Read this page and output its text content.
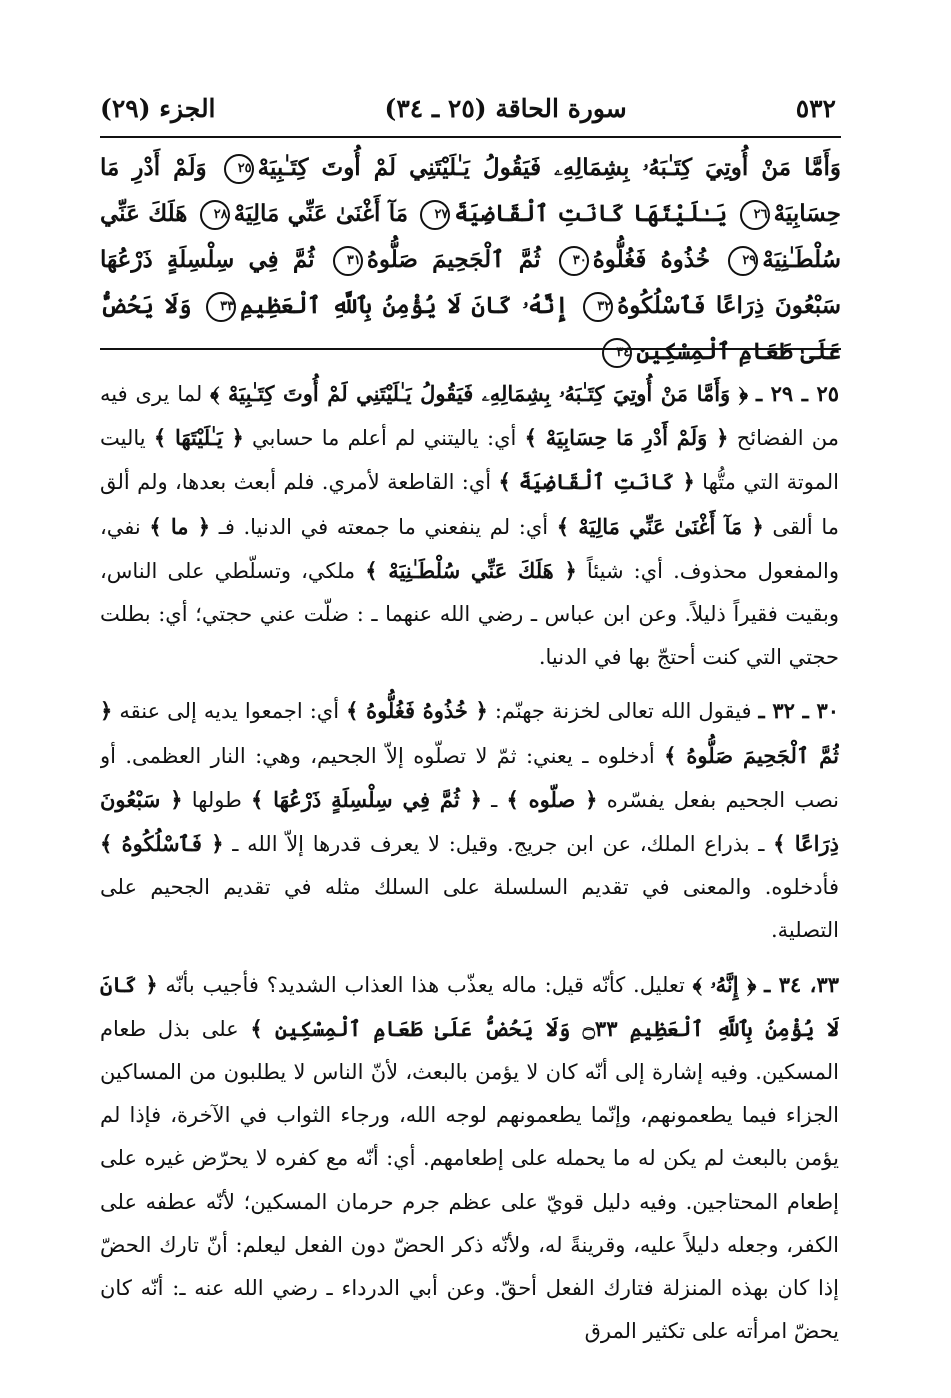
٥٣٢
سورة الحاقة (٢٥ ـ ٣٤)
الجزء (٢٩)
وَأَمَّا مَنْ أُوتِيَ كِتَـٰبَهُۥ بِشِمَالِهِۦ فَيَقُولُ يَـٰلَيْتَنِي لَمْ أُوتَ كِتَـٰبِيَهْ٢٥ وَلَمْ أَدْرِ مَا حِسَابِيَهْ٢٦ يَـٰلَيْتَهَا كَانَتِ ٱلْقَاضِيَةَ٢٧ مَآ أَغْنَىٰ عَنِّي مَالِيَهْ٢٨ هَلَكَ عَنِّي سُلْطَـٰنِيَهْ٢٩ خُذُوهُ فَغُلُّوهُ٣٠ ثُمَّ ٱلْجَحِيمَ صَلُّوهُ٣١ ثُمَّ فِي سِلْسِلَةٍ ذَرْعُهَا سَبْعُونَ ذِرَاعًا فَٱسْلُكُوهُ٣٢ إِنَّهُۥ كَانَ لَا يُؤْمِنُ بِٱللَّهِ ٱلْعَظِيمِ٣٣ وَلَا يَحُضُّ عَلَىٰ طَعَامِ ٱلْمِسْكِينِ٣٤

٢٥ ـ ٢٩ ـ ﴿ وَأَمَّا مَنْ أُوتِيَ كِتَـٰبَهُۥ بِشِمَالِهِۦ فَيَقُولُ يَـٰلَيْتَنِي لَمْ أُوتَ كِتَـٰبِيَهْ ﴾ لما يرى فيه من الفضائح ﴿ وَلَمْ أَدْرِ مَا حِسَابِيَهْ ﴾ أي: ياليتني لم أعلم ما حسابي ﴿ يَـٰلَيْتَهَا ﴾ ياليت الموتة التي متُّها ﴿ كَانَتِ ٱلْقَاضِيَةَ ﴾ أي: القاطعة لأمري. فلم أبعث بعدها، ولم ألق ما ألقى ﴿ مَآ أَغْنَىٰ عَنِّي مَالِيَهْ ﴾ أي: لم ينفعني ما جمعته في الدنيا. فـ ﴿ ما ﴾ نفي، والمفعول محذوف. أي: شيئاً ﴿ هَلَكَ عَنِّي سُلْطَـٰنِيَهْ ﴾ ملكي، وتسلّطي على الناس، وبقيت فقيراً ذليلاً. وعن ابن عباس ـ رضي الله عنهما ـ : ضلّت عني حجتي؛ أي: بطلت حجتي التي كنت أحتجّ بها في الدنيا.

٣٠ ـ ٣٢ ـ فيقول الله تعالى لخزنة جهنّم: ﴿ خُذُوهُ فَغُلُّوهُ ﴾ أي: اجمعوا يديه إلى عنقه ﴿ ثُمَّ ٱلْجَحِيمَ صَلُّوهُ ﴾ أدخلوه ـ يعني: ثمّ لا تصلّوه إلاّ الجحيم، وهي: النار العظمى. أو نصب الجحيم بفعل يفسّره ﴿ صلّوه ﴾ ـ ﴿ ثُمَّ فِي سِلْسِلَةٍ ذَرْعُهَا ﴾ طولها ﴿ سَبْعُونَ ذِرَاعًا ﴾ ـ بذراع الملك، عن ابن جريج. وقيل: لا يعرف قدرها إلاّ الله ـ ﴿ فَٱسْلُكُوهُ ﴾ فأدخلوه. والمعنى في تقديم السلسلة على السلك مثله في تقديم الجحيم على التصلية.

٣٣، ٣٤ ـ ﴿ إِنَّهُۥ ﴾ تعليل. كأنّه قيل: ماله يعذّب هذا العذاب الشديد؟ فأجيب بأنّه ﴿ كَانَ لَا يُؤْمِنُ بِٱللَّهِ ٱلْعَظِيمِ ۝٣٣ وَلَا يَحُضُّ عَلَىٰ طَعَامِ ٱلْمِسْكِينِ ﴾ على بذل طعام المسكين. وفيه إشارة إلى أنّه كان لا يؤمن بالبعث، لأنّ الناس لا يطلبون من المساكين الجزاء فيما يطعمونهم، وإنّما يطعمونهم لوجه الله، ورجاء الثواب في الآخرة، فإذا لم يؤمن بالبعث لم يكن له ما يحمله على إطعامهم. أي: أنّه مع كفره لا يحرّض غيره على إطعام المحتاجين. وفيه دليل قويّ على عظم جرم حرمان المسكين؛ لأنّه عطفه على الكفر، وجعله دليلاً عليه، وقرينةً له، ولأنّه ذكر الحضّ دون الفعل ليعلم: أنّ تارك الحضّ إذا كان بهذه المنزلة فتارك الفعل أحقّ. وعن أبي الدرداء ـ رضي الله عنه ـ: أنّه كان يحضّ امرأته على تكثير المرق
